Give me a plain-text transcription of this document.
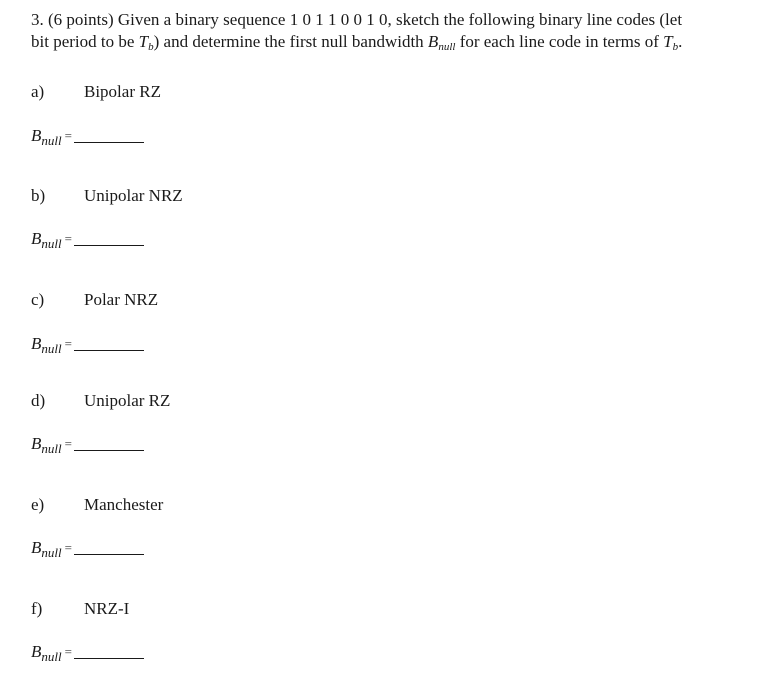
3. (6 points) Given a binary sequence 1 0 1 1 0 0 1 0, sketch the following binary line codes (let
bit period to be $T_b$) and determine the first null bandwidth $B_{null}$ for each line code in terms of $T_b$.
a) Bipolar RZ
$B_{null}$ =
b) Unipolar NRZ
$B_{null}$ =
c) Polar NRZ
$B_{null}$ =
d) Unipolar RZ
$B_{null}$ =
e) Manchester
$B_{null}$ =
f) NRZ-I
$B_{null}$ =
